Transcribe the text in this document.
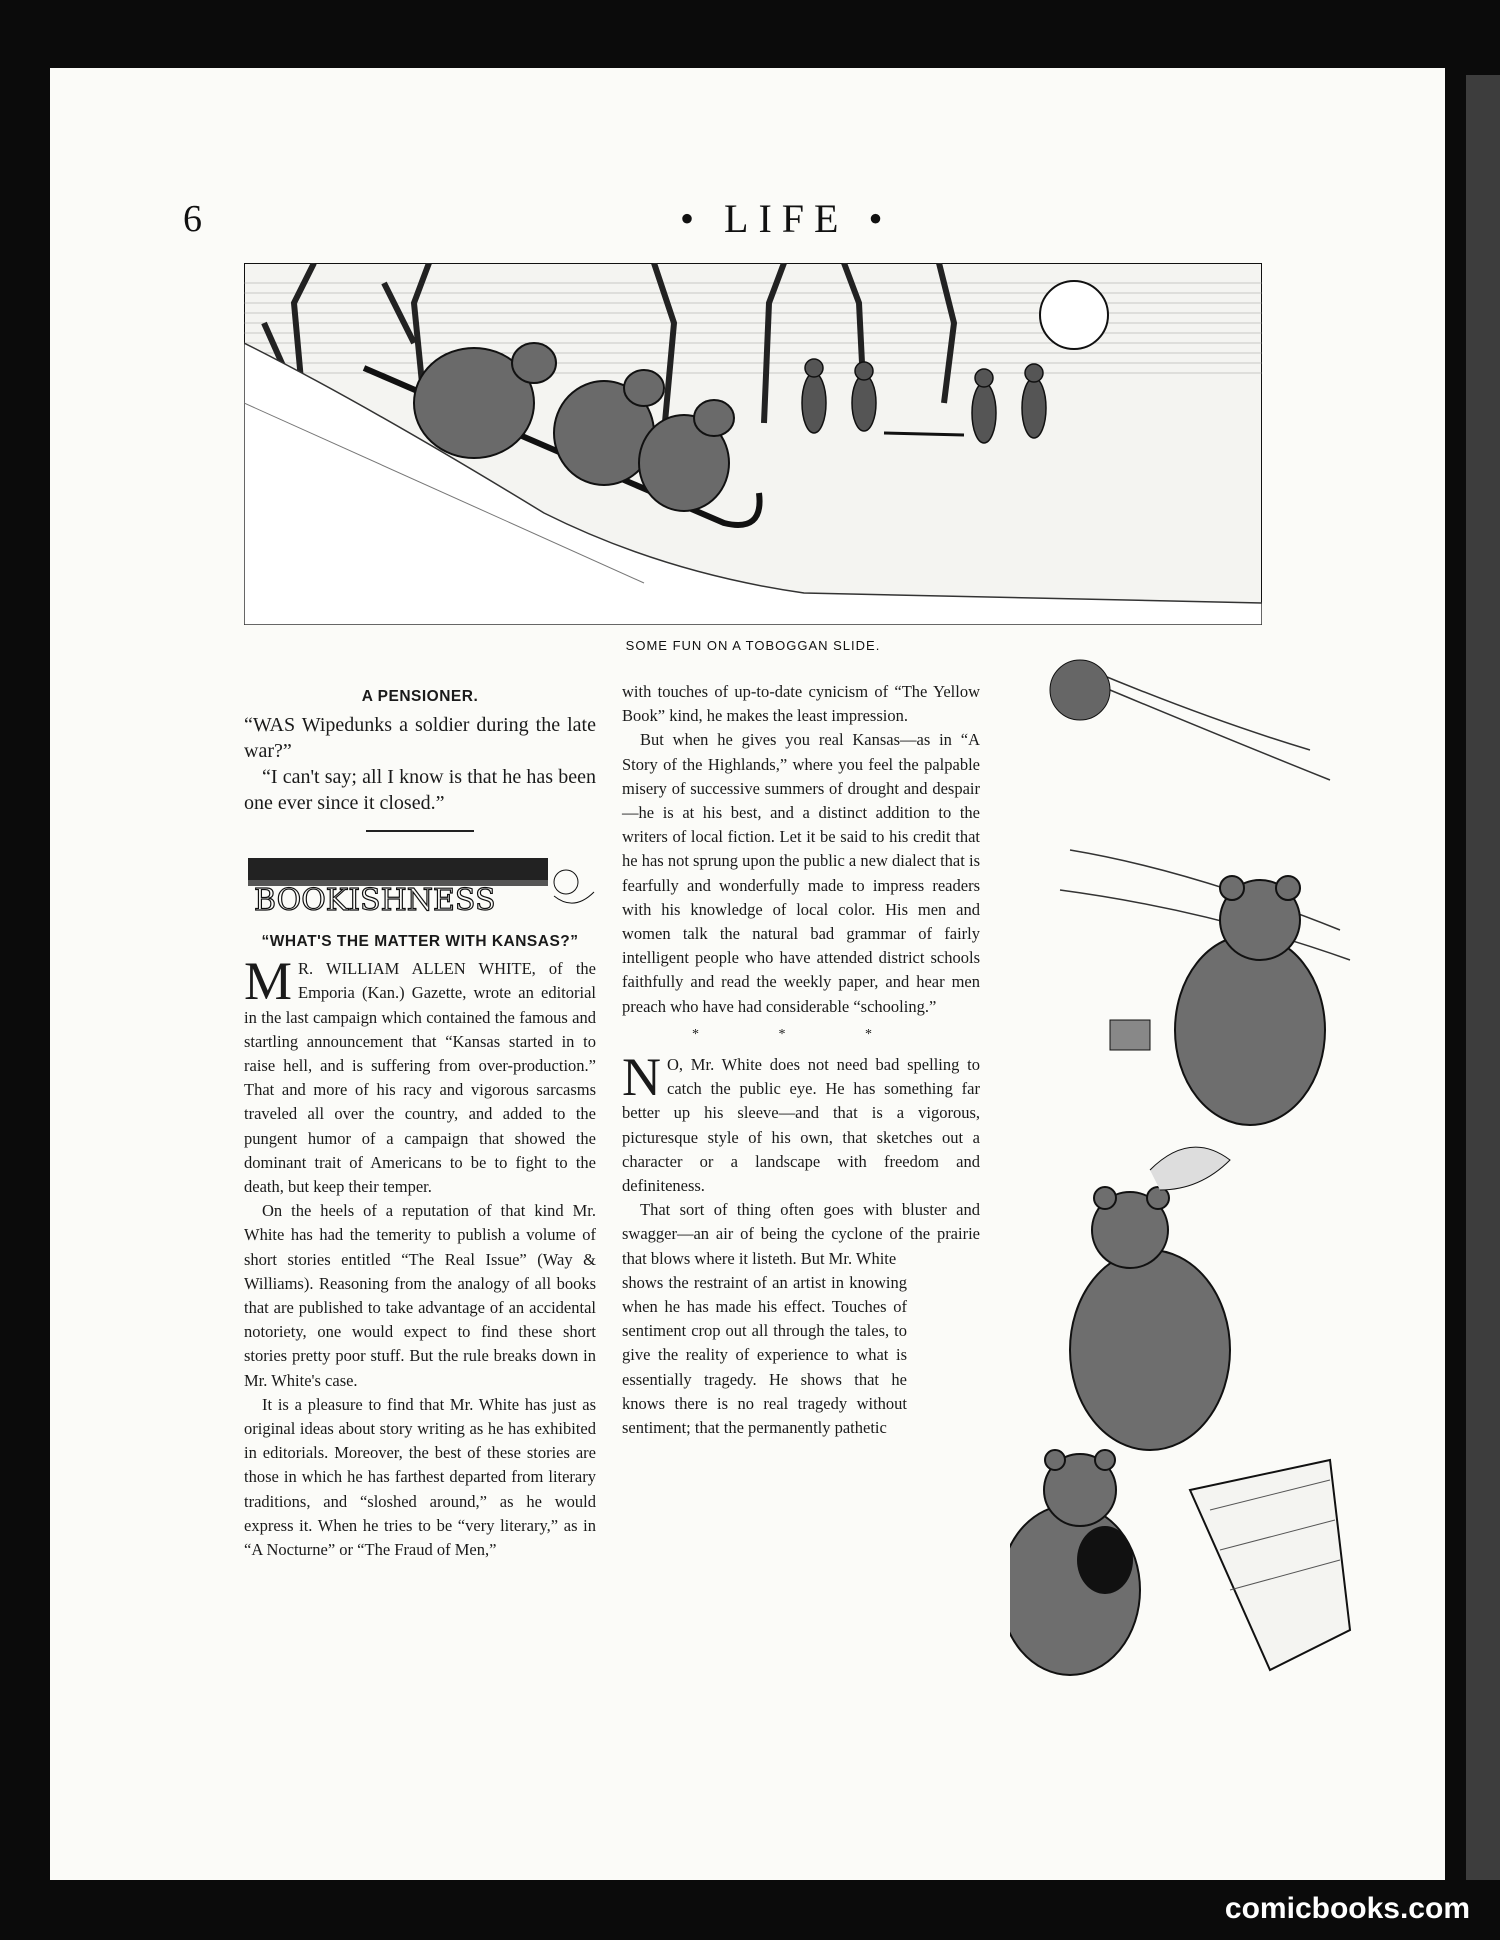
6	• LIFE •
SOME FUN ON A TOBOGGAN SLIDE.
A PENSIONER.

“WAS Wipedunks a soldier during the late war?”

“I can't say; all I know is that he has been one ever since it closed.”

BOOKISHNESS
“WHAT'S THE MATTER WITH KANSAS?”

M R. WILLIAM ALLEN WHITE, of the Emporia (Kan.) Gazette, wrote an editorial in the last campaign which contained the famous and startling announcement that “Kansas started in to raise hell, and is suffering from over-production.” That and more of his racy and vigorous sarcasms traveled all over the country, and added to the pungent humor of a campaign that showed the dominant trait of Americans to be to fight to the death, but keep their temper.

On the heels of a reputation of that kind Mr. White has had the temerity to publish a volume of short stories entitled “The Real Issue” (Way & Williams). Reasoning from the analogy of all books that are published to take advantage of an accidental notoriety, one would expect to find these short stories pretty poor stuff. But the rule breaks down in Mr. White's case.

It is a pleasure to find that Mr. White has just as original ideas about story writing as he has exhibited in editorials. Moreover, the best of these stories are those in which he has farthest departed from literary traditions, and “sloshed around,” as he would express it. When he tries to be “very literary,” as in “A Nocturne” or “The Fraud of Men,”

with touches of up-to-date cynicism of “The Yellow Book” kind, he makes the least impression.

But when he gives you real Kansas—as in “A Story of the Highlands,” where you feel the palpable misery of successive summers of drought and despair—he is at his best, and a distinct addition to the writers of local fiction. Let it be said to his credit that he has not sprung upon the public a new dialect that is fearfully and wonderfully made to impress readers with his knowledge of local color. His men and women talk the natural bad grammar of fairly intelligent people who have attended district schools faithfully and read the weekly paper, and hear men preach who have had considerable “schooling.”

* * *

N O, Mr. White does not need bad spelling to catch the public eye. He has something far better up his sleeve—and that is a vigorous, picturesque style of his own, that sketches out a character or a landscape with freedom and definiteness.

That sort of thing often goes with bluster and swagger—an air of being the cyclone of the prairie that blows where it listeth. But Mr. White

shows the restraint of an artist in knowing when he has made his effect. Touches of sentiment crop out all through the tales, to give the reality of experience to what is essentially tragedy. He shows that he knows there is no real tragedy without sentiment; that the permanently pathetic

comicbooks.com
